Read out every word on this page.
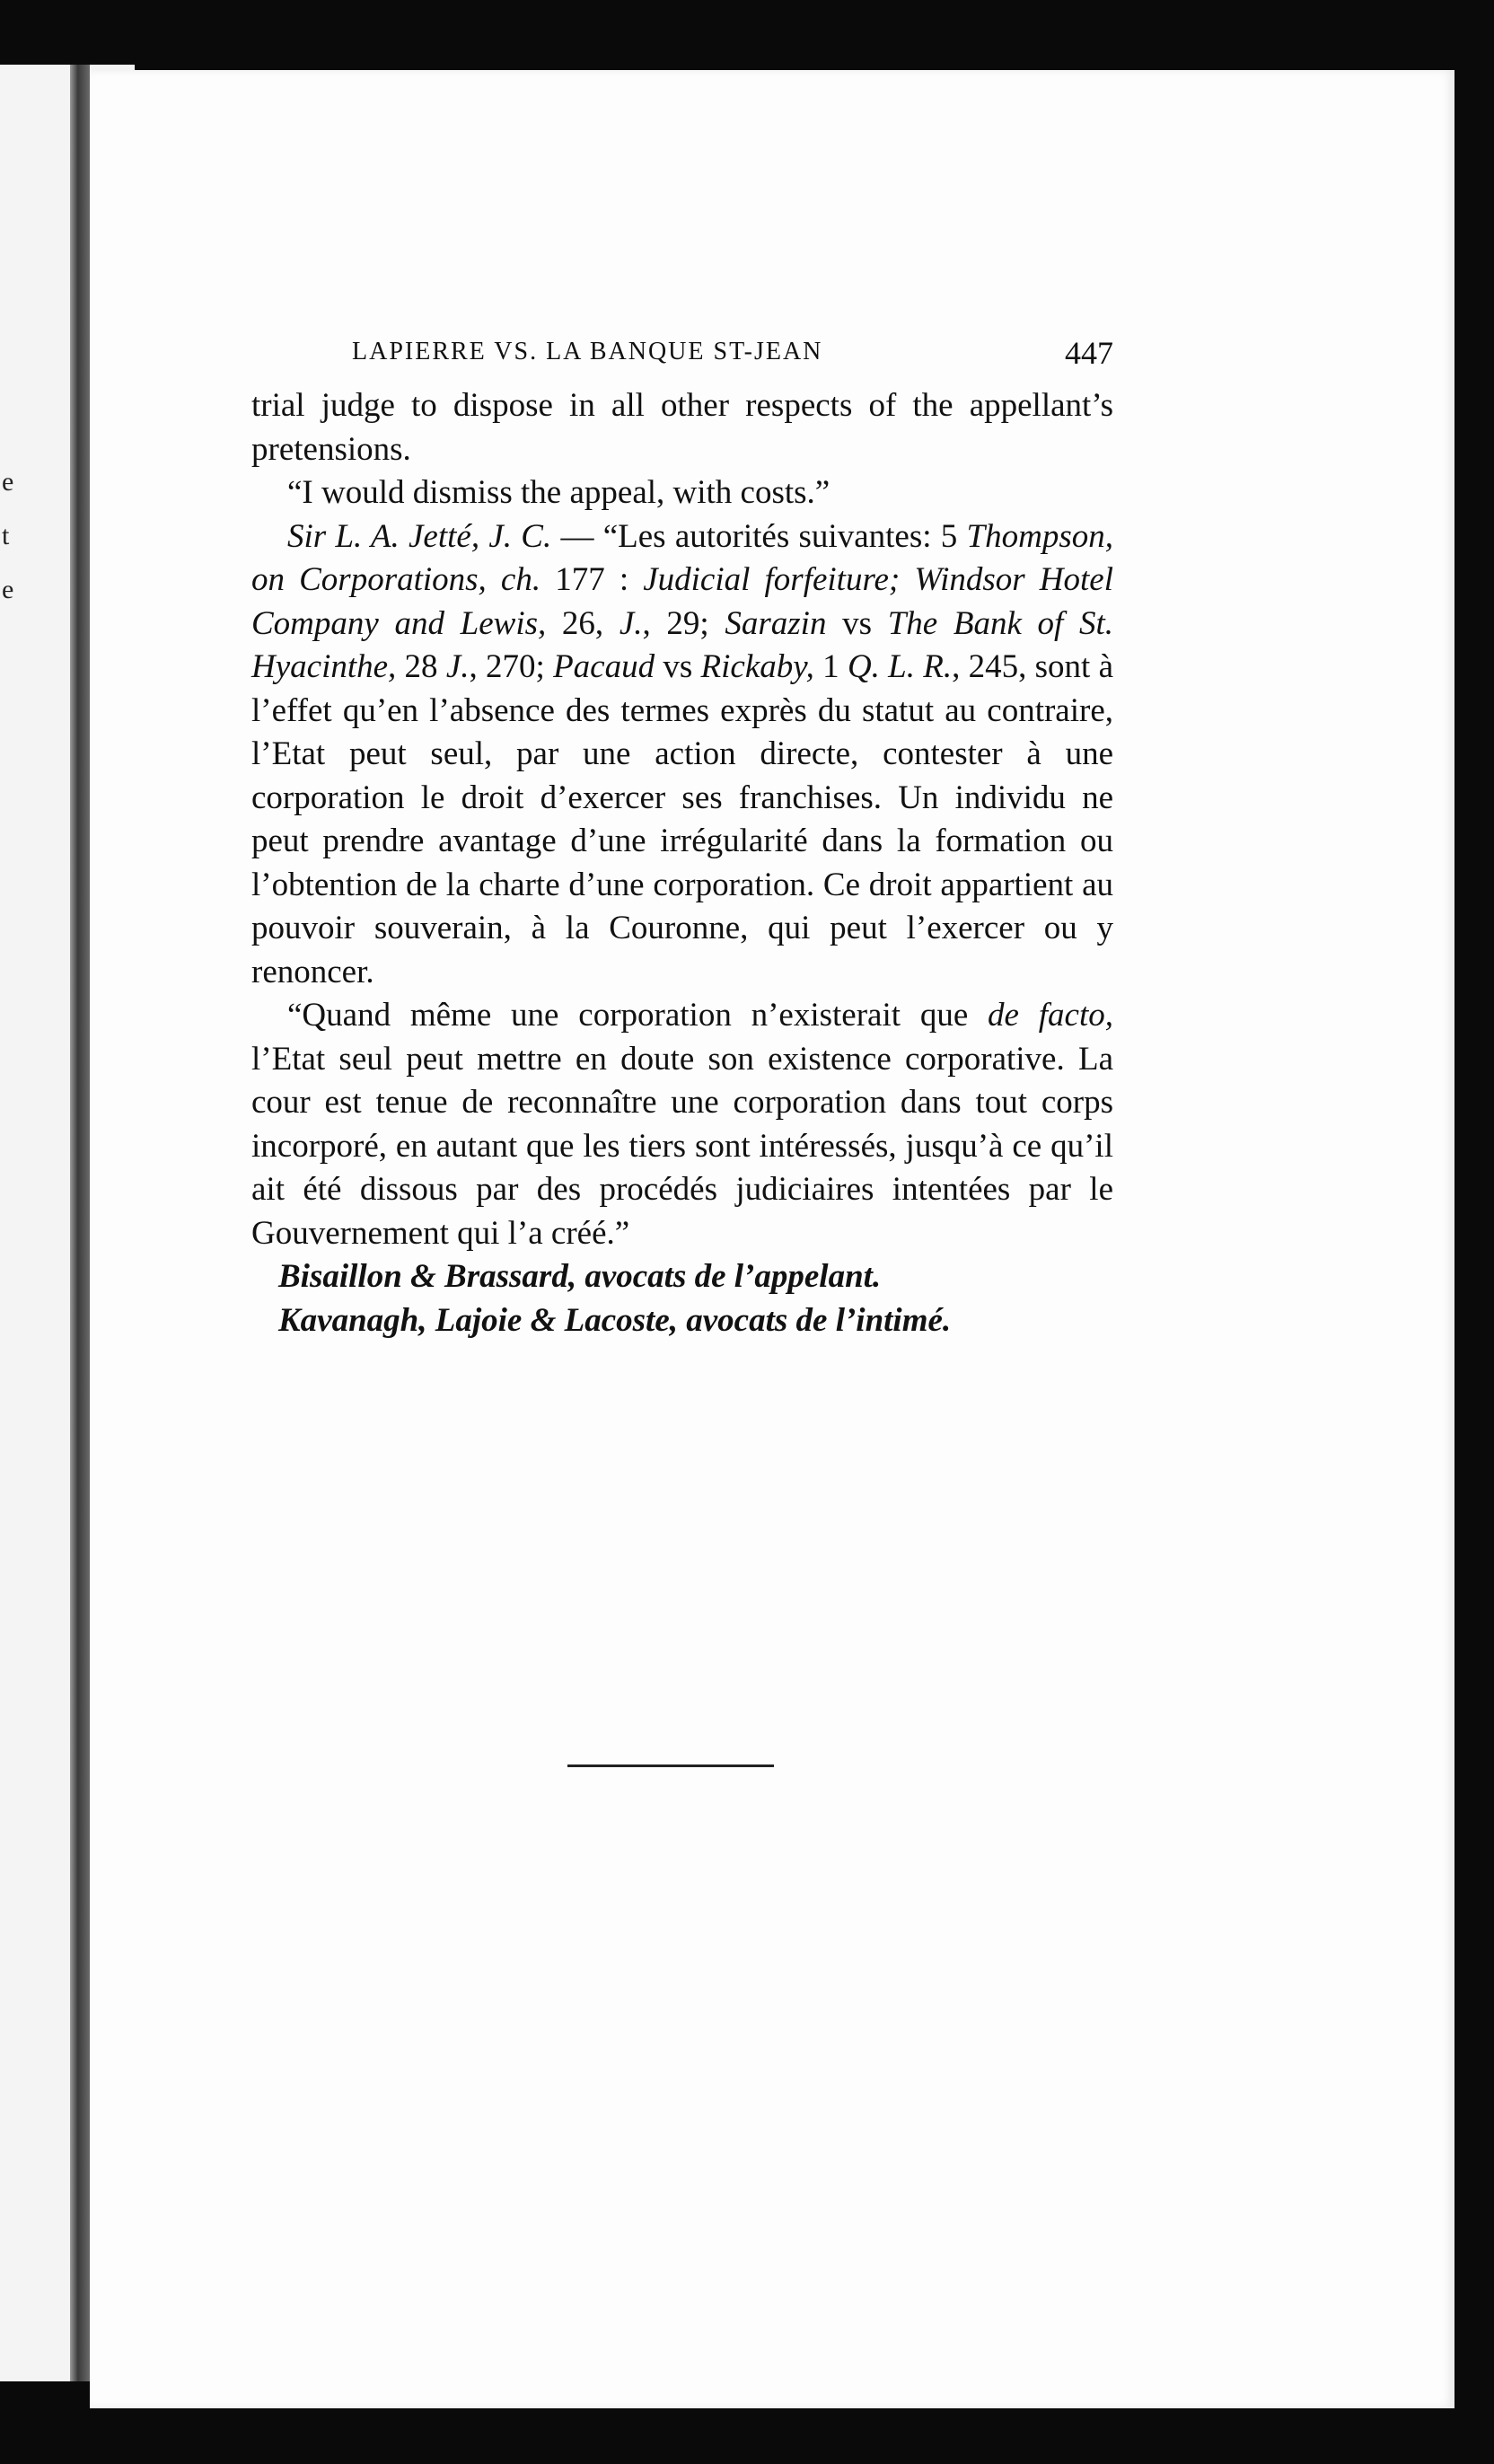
e
t
e
LAPIERRE VS. LA BANQUE ST-JEAN	447

trial judge to dispose in all other respects of the appellant’s pretensions.

“I would dismiss the appeal, with costs.”

Sir L. A. Jetté, J. C. — “Les autorités suivantes: 5 Thompson, on Corporations, ch. 177 : Judicial forfeiture; Windsor Hotel Company and Lewis, 26, J., 29; Sarazin vs The Bank of St. Hyacinthe, 28 J., 270; Pacaud vs Rickaby, 1 Q. L. R., 245, sont à l’effet qu’en l’absence des termes exprès du statut au contraire, l’Etat peut seul, par une action directe, contester à une corporation le droit d’exercer ses franchises. Un individu ne peut prendre avantage d’une irrégularité dans la formation ou l’obtention de la charte d’une corporation. Ce droit appartient au pouvoir souverain, à la Couronne, qui peut l’exercer ou y renoncer.

“Quand même une corporation n’existerait que de facto, l’Etat seul peut mettre en doute son existence corporative. La cour est tenue de reconnaître une corporation dans tout corps incorporé, en autant que les tiers sont intéressés, jusqu’à ce qu’il ait été dissous par des procédés judiciaires intentées par le Gouvernement qui l’a créé.”

Bisaillon & Brassard, avocats de l’appelant.

Kavanagh, Lajoie & Lacoste, avocats de l’intimé.
